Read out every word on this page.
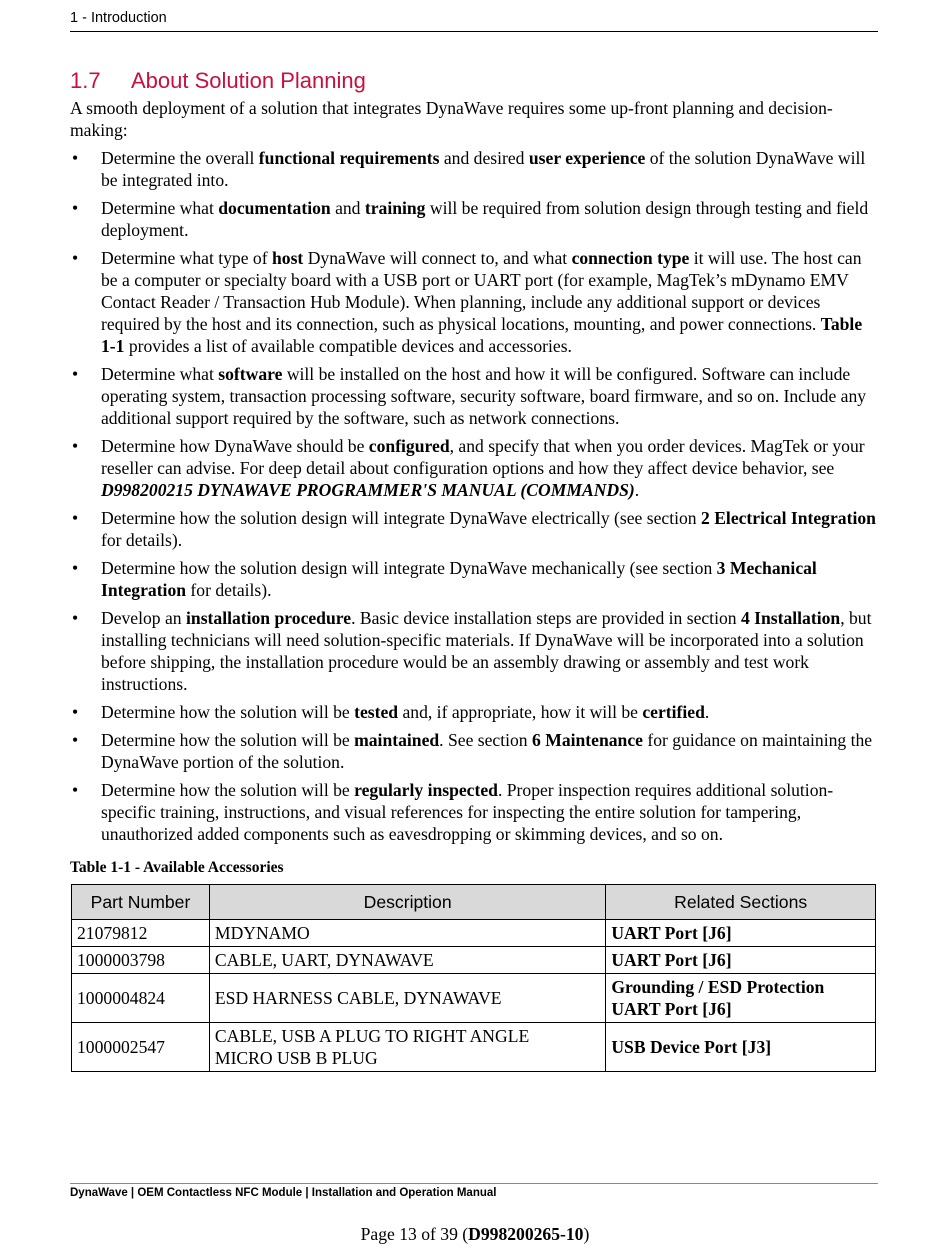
1 - Introduction
1.7 About Solution Planning

A smooth deployment of a solution that integrates DynaWave requires some up-front planning and decision-making:

• Determine the overall functional requirements and desired user experience of the solution DynaWave will be integrated into.
• Determine what documentation and training will be required from solution design through testing and field deployment.
• Determine what type of host DynaWave will connect to, and what connection type it will use. The host can be a computer or specialty board with a USB port or UART port (for example, MagTek’s mDynamo EMV Contact Reader / Transaction Hub Module). When planning, include any additional support or devices required by the host and its connection, such as physical locations, mounting, and power connections. Table 1-1 provides a list of available compatible devices and accessories.
• Determine what software will be installed on the host and how it will be configured. Software can include operating system, transaction processing software, security software, board firmware, and so on. Include any additional support required by the software, such as network connections.
• Determine how DynaWave should be configured, and specify that when you order devices. MagTek or your reseller can advise. For deep detail about configuration options and how they affect device behavior, see D998200215 DYNAWAVE PROGRAMMER'S MANUAL (COMMANDS).
• Determine how the solution design will integrate DynaWave electrically (see section 2 Electrical Integration for details).
• Determine how the solution design will integrate DynaWave mechanically (see section 3 Mechanical Integration for details).
• Develop an installation procedure. Basic device installation steps are provided in section 4 Installation, but installing technicians will need solution-specific materials. If DynaWave will be incorporated into a solution before shipping, the installation procedure would be an assembly drawing or assembly and test work instructions.
• Determine how the solution will be tested and, if appropriate, how it will be certified.
• Determine how the solution will be maintained. See section 6 Maintenance for guidance on maintaining the DynaWave portion of the solution.
• Determine how the solution will be regularly inspected. Proper inspection requires additional solution-specific training, instructions, and visual references for inspecting the entire solution for tampering, unauthorized added components such as eavesdropping or skimming devices, and so on.
Table 1-1 - Available Accessories
Part Number	Description	Related Sections
21079812	MDYNAMO	UART Port [J6]

1000003798	CABLE, UART, DYNAWAVE	UART Port [J6]

1000004824	ESD HARNESS CABLE, DYNAWAVE	Grounding / ESD Protection
UART Port [J6]

1000002547	CABLE, USB A PLUG TO RIGHT ANGLE
MICRO USB B PLUG	USB Device Port [J3]
DynaWave | OEM Contactless NFC Module | Installation and Operation Manual
Page 13 of 39 (D998200265-10)
